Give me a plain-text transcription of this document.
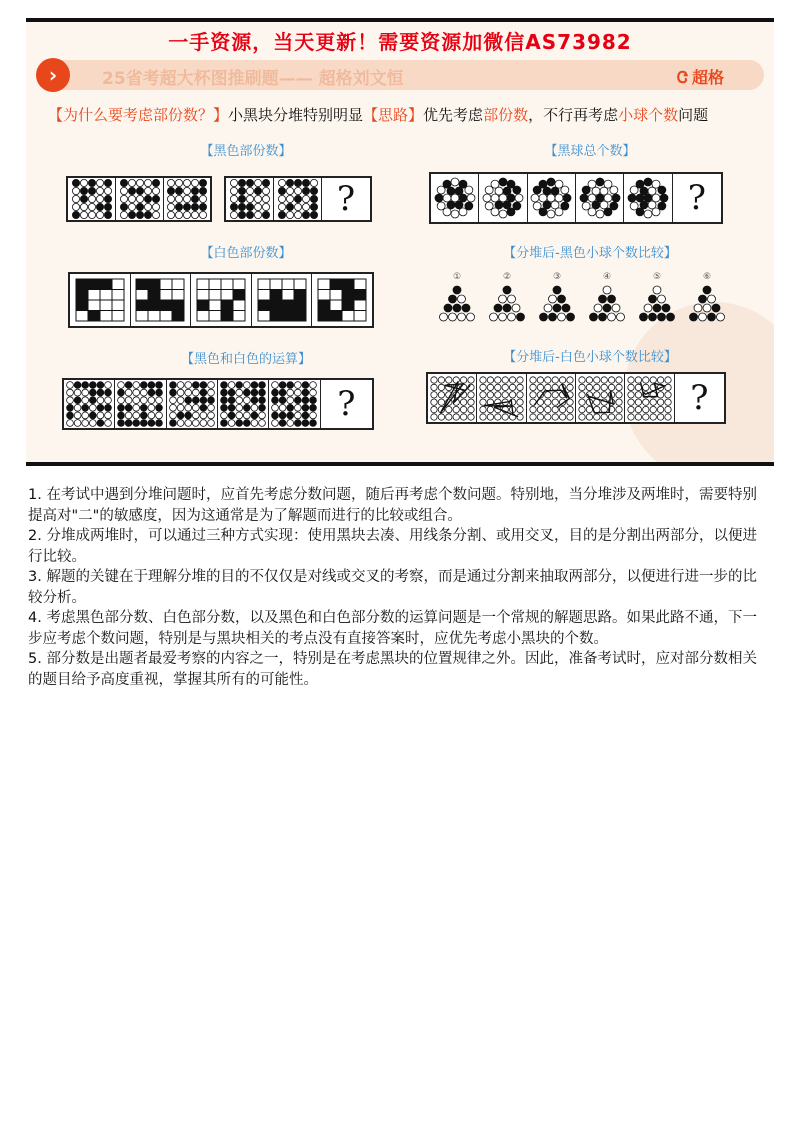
一手资源，当天更新！需要资源加微信AS73982
›	25省考超大杯图推刷题—— 超格刘文恒	Ꮳ 超格
【为什么要考虑部份数？】小黑块分堆特别明显【思路】优先考虑部份数，不行再考虑小球个数问题
【黑色部份数】	【黑球总个数】
【白色部份数】	【分堆后-黑色小球个数比较】
【黑色和白色的运算】	【分堆后-白色小球个数比较】
?	?
①	②	③	④	⑤	⑥
?	?

1. 在考试中遇到分堆问题时，应首先考虑分数问题，随后再考虑个数问题。特别地，当分堆涉及两堆时，需要特别提高对"二"的敏感度，因为这通常是为了解题而进行的比较或组合。

2. 分堆成两堆时，可以通过三种方式实现：使用黑块去凑、用线条分割、或用交叉，目的是分割出两部分，以便进行比较。

3. 解题的关键在于理解分堆的目的不仅仅是对线或交叉的考察，而是通过分割来抽取两部分，以便进行进一步的比较分析。

4. 考虑黑色部分数、白色部分数，以及黑色和白色部分数的运算问题是一个常规的解题思路。如果此路不通，下一步应考虑个数问题，特别是与黑块相关的考点没有直接答案时，应优先考虑小黑块的个数。

5. 部分数是出题者最爱考察的内容之一，特别是在考虑黑块的位置规律之外。因此，准备考试时，应对部分数相关的题目给予高度重视，掌握其所有的可能性。
